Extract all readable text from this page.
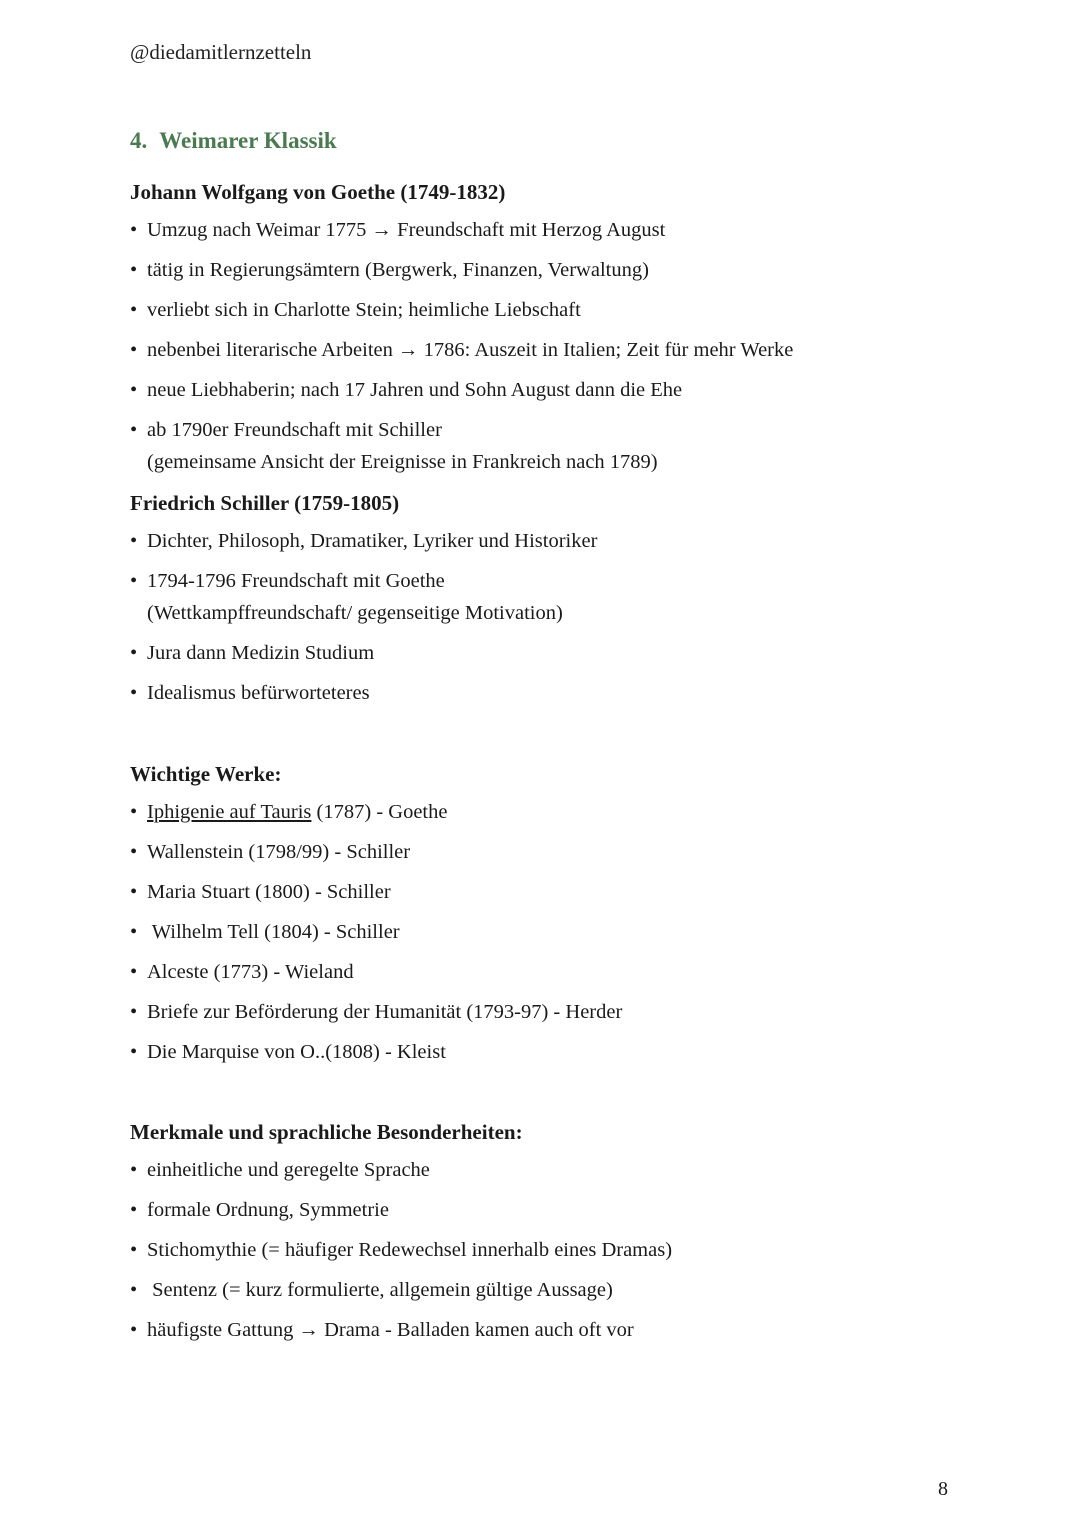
@diedamitlernzetteln
4. Weimarer Klassik
Johann Wolfgang von Goethe (1749-1832)
• Umzug nach Weimar 1775 → Freundschaft mit Herzog August
• tätig in Regierungsämtern (Bergwerk, Finanzen, Verwaltung)
• verliebt sich in Charlotte Stein; heimliche Liebschaft
• nebenbei literarische Arbeiten → 1786: Auszeit in Italien; Zeit für mehr Werke
• neue Liebhaberin; nach 17 Jahren und Sohn August dann die Ehe
• ab 1790er Freundschaft mit Schiller
(gemeinsame Ansicht der Ereignisse in Frankreich nach 1789)
Friedrich Schiller (1759-1805)
• Dichter, Philosoph, Dramatiker, Lyriker und Historiker
• 1794-1796 Freundschaft mit Goethe
(Wettkampffreundschaft/ gegenseitige Motivation)
• Jura dann Medizin Studium
• Idealismus befürworteteres
Wichtige Werke:
• Iphigenie auf Tauris (1787) - Goethe
• Wallenstein (1798/99) - Schiller
• Maria Stuart (1800) - Schiller
•  Wilhelm Tell (1804) - Schiller
• Alceste (1773) - Wieland
• Briefe zur Beförderung der Humanität (1793-97) - Herder
• Die Marquise von O..(1808) - Kleist
Merkmale und sprachliche Besonderheiten:
• einheitliche und geregelte Sprache
• formale Ordnung, Symmetrie
• Stichomythie (= häufiger Redewechsel innerhalb eines Dramas)
•  Sentenz (= kurz formulierte, allgemein gültige Aussage)
• häufigste Gattung → Drama - Balladen kamen auch oft vor
8
